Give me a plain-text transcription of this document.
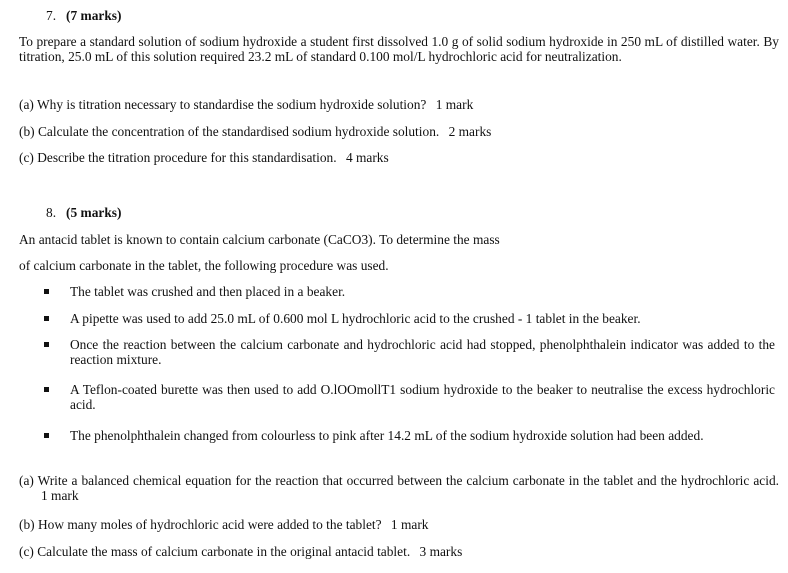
7. (7 marks)
To prepare a standard solution of sodium hydroxide a student first dissolved 1.0 g of solid sodium hydroxide in 250 mL of distilled water. By titration, 25.0 mL of this solution required 23.2 mL of standard 0.100 mol/L hydrochloric acid for neutralization.
(a) Why is titration necessary to standardise the sodium hydroxide solution? 1 mark
(b) Calculate the concentration of the standardised sodium hydroxide solution. 2 marks
(c) Describe the titration procedure for this standardisation. 4 marks
8. (5 marks)
An antacid tablet is known to contain calcium carbonate (CaCO3). To determine the mass
of calcium carbonate in the tablet, the following procedure was used.
The tablet was crushed and then placed in a beaker.
A pipette was used to add 25.0 mL of 0.600 mol L hydrochloric acid to the crushed - 1 tablet in the beaker.
Once the reaction between the calcium carbonate and hydrochloric acid had stopped, phenolphthalein indicator was added to the reaction mixture.
A Teflon-coated burette was then used to add O.lOOmollT1 sodium hydroxide to the beaker to neutralise the excess hydrochloric acid.
The phenolphthalein changed from colourless to pink after 14.2 mL of the sodium hydroxide solution had been added.
(a) Write a balanced chemical equation for the reaction that occurred between the calcium carbonate in the tablet and the hydrochloric acid. 1 mark
(b) How many moles of hydrochloric acid were added to the tablet? 1 mark
(c) Calculate the mass of calcium carbonate in the original antacid tablet. 3 marks
